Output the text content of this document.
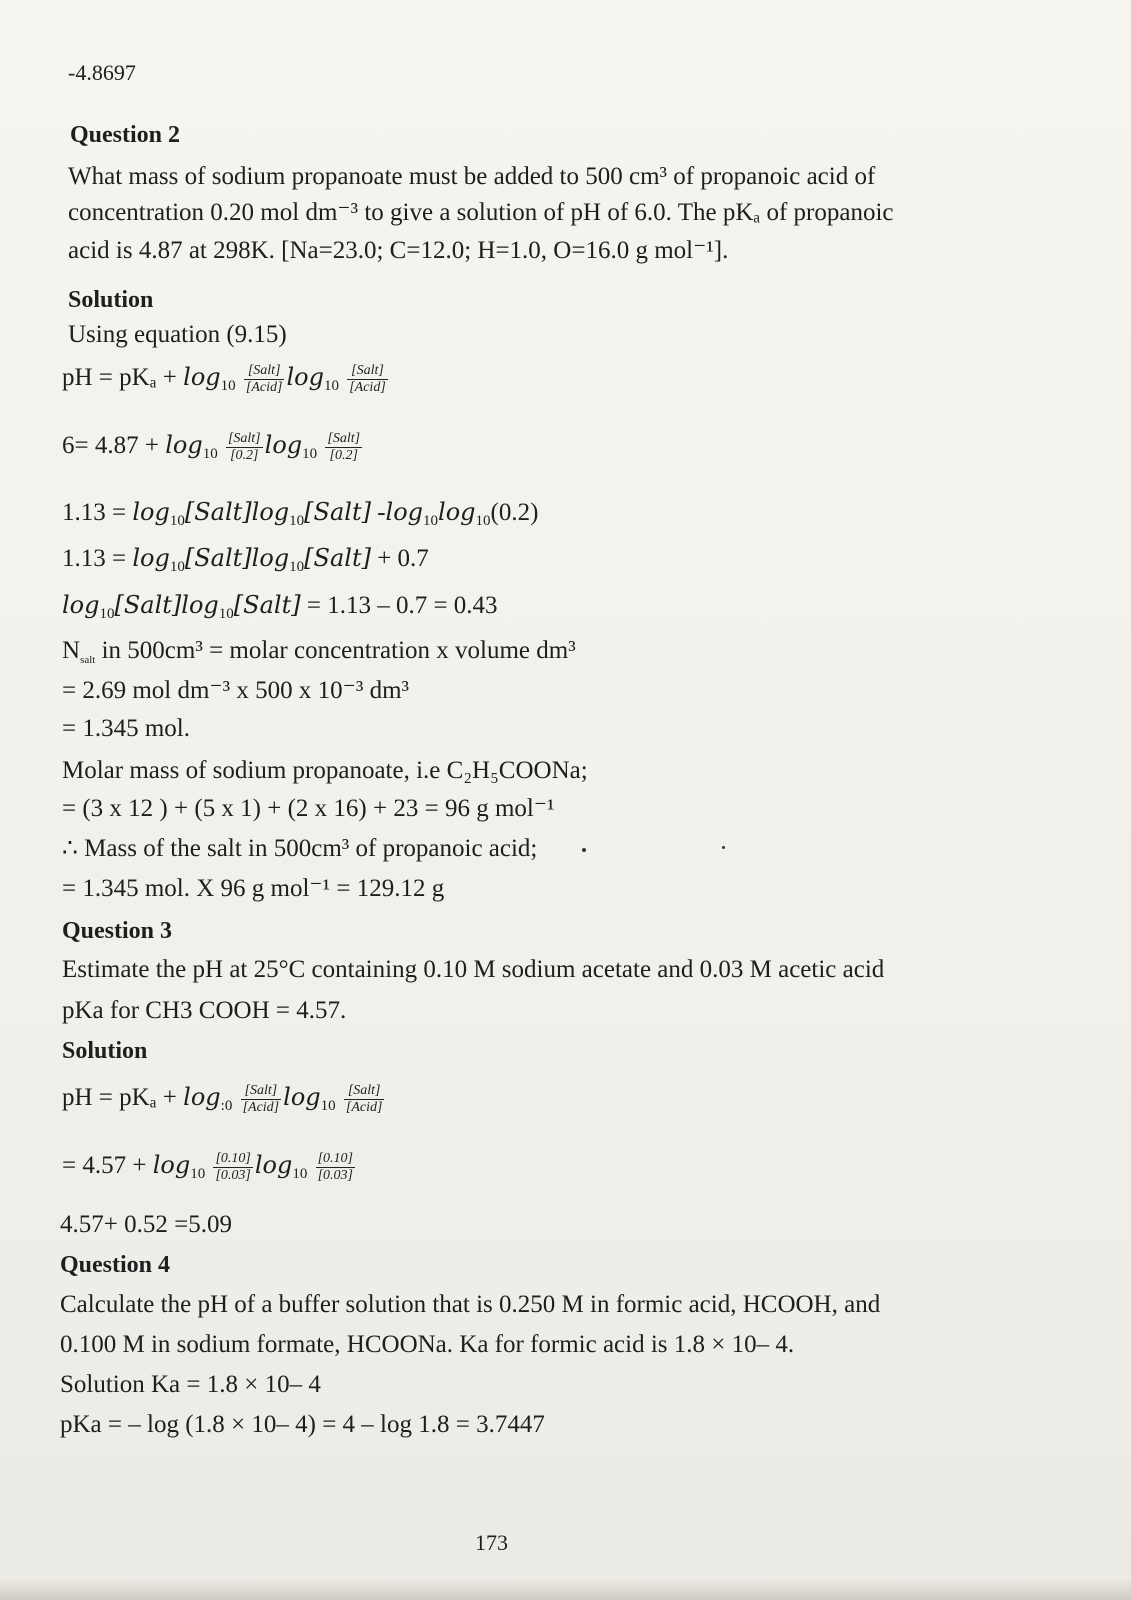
-4.8697
Question 2
What mass of sodium propanoate must be added to 500 cm³ of propanoic acid of
concentration 0.20 mol dm⁻³ to give a solution of pH of 6.0. The pKₐ of propanoic
acid is 4.87 at 298K. [Na=23.0; C=12.0; H=1.0, O=16.0 g mol⁻¹].
Solution
Using equation (9.15)
pH = $pK_a + \log_{10} \frac{\text{[Salt]}}{\text{[Acid]}} \log_{10} \frac{\text{[Salt]}}{\text{[Acid]}}$
$6= 4.87 + \log_{10} \frac{\text{[Salt]}}{[0.2]} \log_{10} \frac{\text{[Salt]}}{[0.2]}$
$1.13 = \log_{10}[Salt]\log_{10}[Salt]$ $-\log_{10}\log_{10}(0.2)$
$1.13 = \log_{10}[Salt]\log_{10}[Salt] + 0.7$
$\log_{10}[Salt]\log_{10}[Salt] = 1.13 - 0.7 = 0.43$
$N_{salt}$ in 500cm³ = molar concentration x volume dm³
= 2.69 mol dm⁻³ x 500 x 10⁻³ dm³
= 1.345 mol.
Molar mass of sodium propanoate, i.e C₂H₅COONa;
= (3 x 12 ) + (5 x 1) + (2 x 16) + 23 = 96 g mol⁻¹
∴ Mass of the salt in 500cm³ of propanoic acid;
= 1.345 mol. X 96 g mol⁻¹ = 129.12 g
Question 3
Estimate the pH at 25°C containing 0.10 M sodium acetate and 0.03 M acetic acid
pKa for CH3 COOH = 4.57.
Solution
pH = $pK_a + \log_{:0} \frac{\text{[Salt]}}{\text{[Acid]}} \log_{10} \frac{\text{[Salt]}}{\text{[Acid]}}$
= $4.57 + \log_{10} \frac{[0.10]}{[0.03]} \log_{10} \frac{[0.10]}{[0.03]}$
4.57+ 0.52 =5.09
Question 4
Calculate the pH of a buffer solution that is 0.250 M in formic acid, HCOOH, and
0.100 M in sodium formate, HCOONa. Ka for formic acid is 1.8 × 10– 4.
Solution Ka = 1.8 × 10– 4
pKa = – log (1.8 × 10– 4) = 4 – log 1.8 = 3.7447
173
